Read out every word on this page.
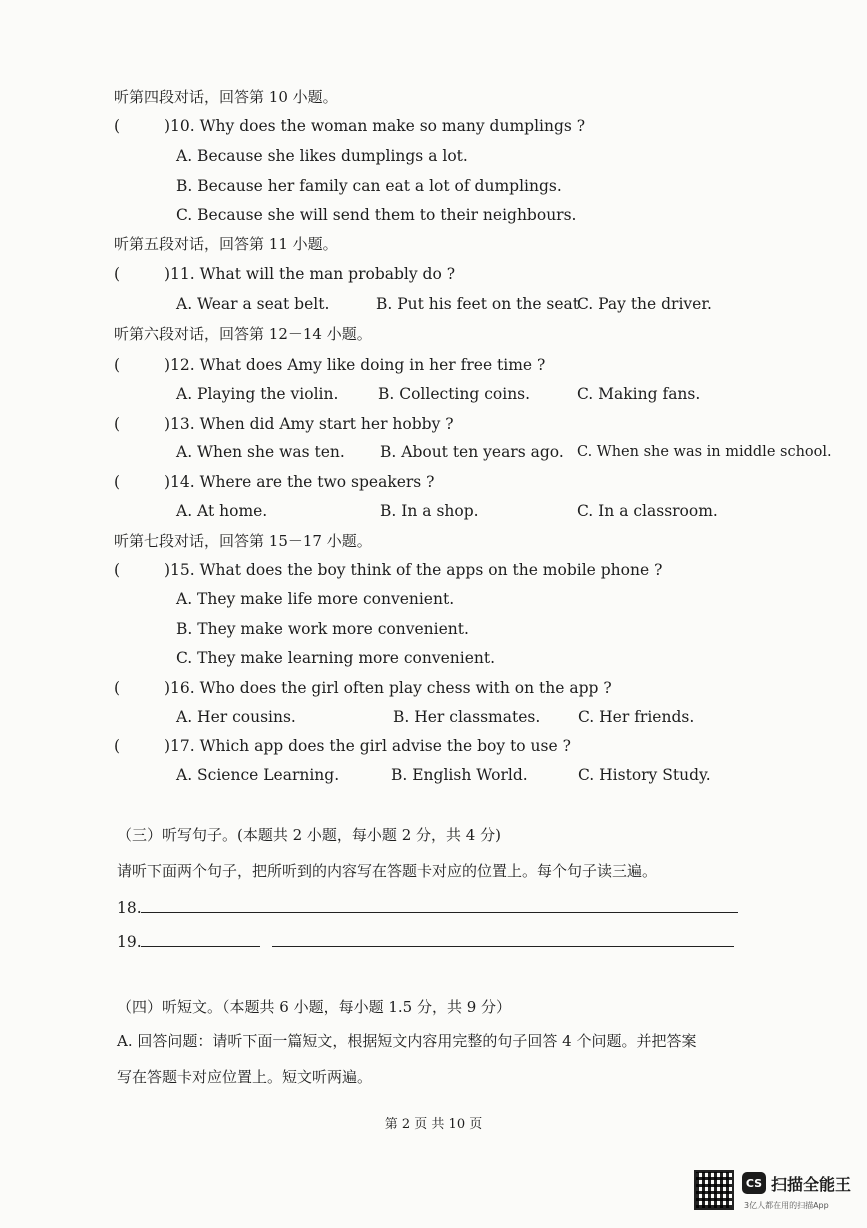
听第四段对话，回答第 10 小题。
(	)10. Why does the woman make so many dumplings ?
A. Because she likes dumplings a lot.
B. Because her family can eat a lot of dumplings.
C. Because she will send them to their neighbours.
听第五段对话，回答第 11 小题。
(	)11. What will the man probably do ?
A. Wear a seat belt.	B. Put his feet on the seat
C. Pay the driver.
听第六段对话，回答第 12－14 小题。
(	)12. What does Amy like doing in her free time ?
A. Playing the violin.	B. Collecting coins.	C. Making fans.
(	)13. When did Amy start her hobby ?
A. When she was ten. B. About ten years ago. C. When she was in middle school.
(	)14. Where are the two speakers ?
A. At home.	B. In a shop.	C. In a classroom.
听第七段对话，回答第 15－17 小题。
(	)15. What does the boy think of the apps on the mobile phone ?
A. They make life more convenient.
B. They make work more convenient.
C. They make learning more convenient.
(	)16. Who does the girl often play chess with on the app ?
A. Her cousins.	B. Her classmates. C. Her friends.
(	)17. Which app does the girl advise the boy to use ?
A. Science Learning.	B. English World.	C. History Study.
（三）听写句子。(本题共 2 小题，每小题 2 分，共 4 分)
请听下面两个句子，把所听到的内容写在答题卡对应的位置上。每个句子读三遍。
18.
19.
（四）听短文。（本题共 6 小题，每小题 1.5 分，共 9 分）
A. 回答问题：请听下面一篇短文，根据短文内容用完整的句子回答 4 个问题。并把答案
写在答题卡对应位置上。短文听两遍。
第 2 页 共 10 页
CS 扫描全能王
3亿人都在用的扫描App
